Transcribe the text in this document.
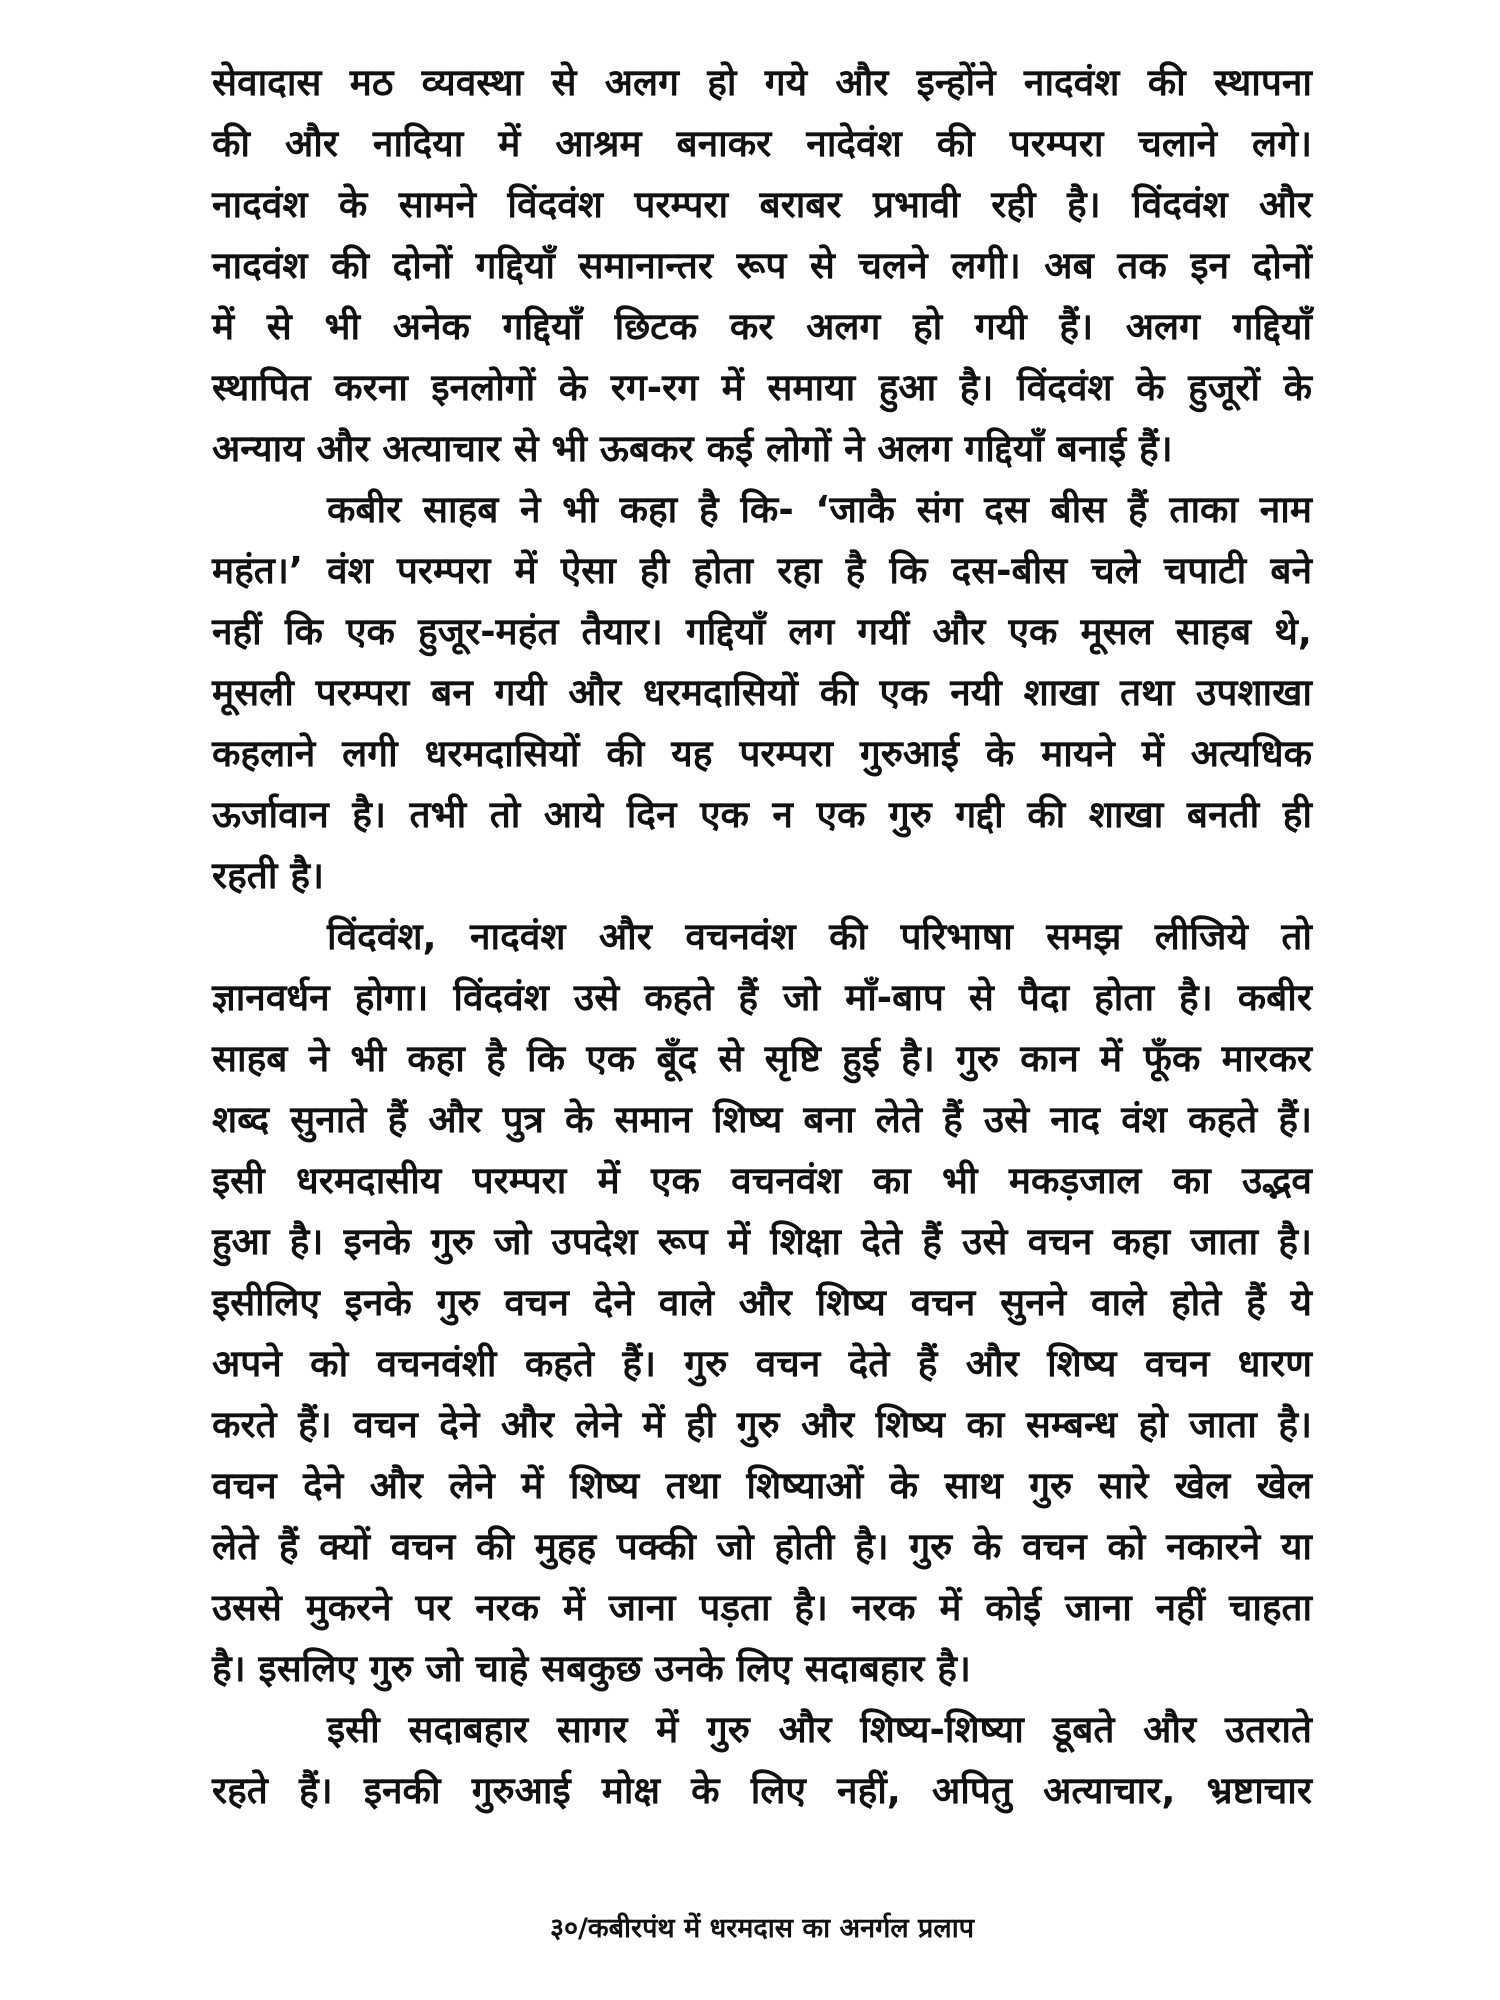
सेवादास मठ व्यवस्था से अलग हो गये और इन्होंने नादवंश की स्थापना
की और नादिया में आश्रम बनाकर नादेवंश की परम्परा चलाने लगे।
नादवंश के सामने विंदवंश परम्परा बराबर प्रभावी रही है। विंदवंश और
नादवंश की दोनों गद्दियाँ समानान्तर रूप से चलने लगी। अब तक इन दोनों
में से भी अनेक गद्दियाँ छिटक कर अलग हो गयी हैं। अलग गद्दियाँ
स्थापित करना इनलोगों के रग-रग में समाया हुआ है। विंदवंश के हुजूरों के
अन्याय और अत्याचार से भी ऊबकर कई लोगों ने अलग गद्दियाँ बनाई हैं।
कबीर साहब ने भी कहा है कि- ‘जाकै संग दस बीस हैं ताका नाम
महंत।’ वंश परम्परा में ऐसा ही होता रहा है कि दस-बीस चले चपाटी बने
नहीं कि एक हुजूर-महंत तैयार। गद्दियाँ लग गयीं और एक मूसल साहब थे,
मूसली परम्परा बन गयी और धरमदासियों की एक नयी शाखा तथा उपशाखा
कहलाने लगी धरमदासियों की यह परम्परा गुरुआई के मायने में अत्यधिक
ऊर्जावान है। तभी तो आये दिन एक न एक गुरु गद्दी की शाखा बनती ही
रहती है।
विंदवंश, नादवंश और वचनवंश की परिभाषा समझ लीजिये तो
ज्ञानवर्धन होगा। विंदवंश उसे कहते हैं जो माँ-बाप से पैदा होता है। कबीर
साहब ने भी कहा है कि एक बूँद से सृष्टि हुई है। गुरु कान में फूँक मारकर
शब्द सुनाते हैं और पुत्र के समान शिष्य बना लेते हैं उसे नाद वंश कहते हैं।
इसी धरमदासीय परम्परा में एक वचनवंश का भी मकड़जाल का उद्भव
हुआ है। इनके गुरु जो उपदेश रूप में शिक्षा देते हैं उसे वचन कहा जाता है।
इसीलिए इनके गुरु वचन देने वाले और शिष्य वचन सुनने वाले होते हैं ये
अपने को वचनवंशी कहते हैं। गुरु वचन देते हैं और शिष्य वचन धारण
करते हैं। वचन देने और लेने में ही गुरु और शिष्य का सम्बन्ध हो जाता है।
वचन देने और लेने में शिष्य तथा शिष्याओं के साथ गुरु सारे खेल खेल
लेते हैं क्यों वचन की मुहह पक्की जो होती है। गुरु के वचन को नकारने या
उससे मुकरने पर नरक में जाना पड़ता है। नरक में कोई जाना नहीं चाहता
है। इसलिए गुरु जो चाहे सबकुछ उनके लिए सदाबहार है।
इसी सदाबहार सागर में गुरु और शिष्य-शिष्या डूबते और उतराते
रहते हैं। इनकी गुरुआई मोक्ष के लिए नहीं, अपितु अत्याचार, भ्रष्टाचार
३०/कबीरपंथ में धरमदास का अनर्गल प्रलाप
